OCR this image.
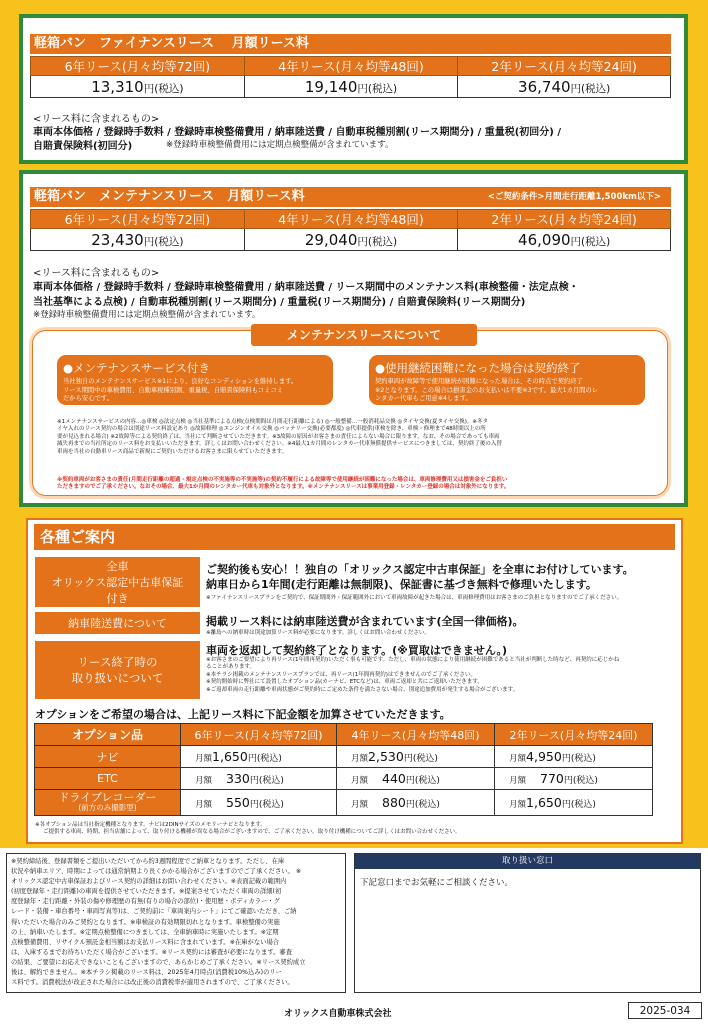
軽箱バン　ファイナンスリース　 月額リース料
6年リース(月々均等72回)	4年リース(月々均等48回)	2年リース(月々均等24回)
13,310円(税込)	19,140円(税込)	36,740円(税込)
<リース料に含まれるもの>
車両本体価格 / 登録時手数料 / 登録時車検整備費用 / 納車陸送費 / 自動車税種別割(リース期間分) / 重量税(初回分) /
自賠責保険料(初回分)	※登録時車検整備費用には定期点検整備が含まれています。
軽箱バン　メンテナンスリース　月額リース料	<ご契約条件>月間走行距離1,500km以下>
6年リース(月々均等72回)	4年リース(月々均等48回)	2年リース(月々均等24回)
23,430円(税込)	29,040円(税込)	46,090円(税込)
<リース料に含まれるもの>
車両本体価格 / 登録時手数料 / 登録時車検整備費用 / 納車陸送費 / リース期間中のメンテナンス料(車検整備・法定点検・
当社基準による点検) / 自動車税種別割(リース期間分) / 重量税(リース期間分) / 自賠責保険料(リース期間分)
※登録時車検整備費用には定期点検整備が含まれています。
メンテナンスリースについて
●メンテナンスサービス付き
当社独自のメンテナンスサービス※1により、良好なコンディションを維持します。
リース期間中の車検費用、自動車税種別割、重量税、自賠責保険料もコミコミ
だから安心です。
●使用継続困難になった場合は契約終了
契約車両が故障等で使用継続が困難になった場合は、その時点で契約終了
※2となります。この場合は損害金のお支払いは不要※3です。最大1カ月間のレ
ンタカー代車もご用意※4します。
※1メンテナンスサービスの内容…◎車検 ◎法定点検 ◎当社基準による点検(点検期間は月間走行距離による) ◎一般整備…一般消耗品交換 ◎タイヤ交換(夏タイヤ交換)。※冬タ
イヤ入れのリース契約の場合は別途リース料設定あり ◎故障修理 ◎エンジンオイル交換 ◎バッテリー交換(必要都度) ◎代車提供(車検を除き、車検・修理まで48時間以上の所
要が見込まれる場合) ※2故障等による契約終了は、当社にて判断させていただきます。※3故障の原因がお客さまの責任によらない場合に限ります。なお、その場合であっても車両
滅失再までの当社所定のリース料をお支払いいただきます。詳しくはお問い合わせください。※4最大1カ月間のレンタカー代車無償提供サービスにつきましては、契約終了後の入替
車両を当社の自動車リース商品で新規にご契約いただけるお客さまに限らせていただきます。
※契約車両がお客さまの責任(月間走行距離の超過・規定点検の不実施等の不実施等)の契約不履行による故障等で使用継続が困難になった場合は、車両修理費用又は損害金をご負担い
ただきますのでご了承ください。なおその場合、最大1か月間のレンタカー代車も対象外となります。※メンテナンスリースは事業用登録・レンタカー登録の場合は対象外になります。
各種ご案内
全車
オリックス認定中古車保証
付き
ご契約後も安心！！独自の「オリックス認定中古車保証」を全車にお付けしています。
納車日から1年間(走行距離は無制限)、保証書に基づき無料で修理いたします。
※ファイナンスリースプランをご契約で、保証期間外・保証範囲外において車両故障が起きた場合は、車両修理費用はお客さまのご負担となりますのでご了承ください。
納車陸送費について	掲載リース料には納車陸送費が含まれています(全国一律価格)。
※離島への納車時は別途加算リース料が必要になります。詳しくはお問い合わせください。
リース終了時の
取り扱いについて
車両を返却して契約終了となります。(※買取はできません。)
※お客さまのご要望により再リース(1年間再契約)いただく事も可能です。ただし、車両の状態により使用継続が困難であると当社が判断した時など、再契約に応じかね
ることがあります。
※本チラシ掲載のメンテナンスリースプランでは、再リース(1年間再契約)はできませんのでご了承ください。
※契約開始時に弊社にて設置したオプション品(カーナビ、ETCなど)は、車両ご返却と共にご返却いただきます。
※ご返却車両の走行距離や車両状態がご契約時にご定めた条件を満たさない場合、別途追加費用が発生する場合がございます。
オプションをご希望の場合は、上記リース料に下記金額を加算させていただきます。
オプション品	6年リース(月々均等72回)	4年リース(月々均等48回)	2年リース(月々均等24回)
ナビ	月額1,650円(税込)	月額2,530円(税込)	月額4,950円(税込)
ETC	月額 330円(税込)	月額 440円(税込)	月額 770円(税込)

ドライブレコーダー
(前方のみ撮影型)	月額 550円(税込)	月額 880円(税込)	月額1,650円(税込)
※各オプション品は当社指定機種となります。ナビは2DINサイズのメモリーナビとなります。
ご提供する車両、時期、担当店舗によって、取り付ける機種が異なる場合がございますので、ご了承ください。取り付け機種についてご詳しくはお問い合わせください。
※契約締結後、登録書類をご提出いただいてから約3週間程度でご納車となります。ただし、在庫
状況や納車エリア、時期によっては通常納期より長くかかる場合がございますのでご了承ください。 ※
オリックス認定中古車保証およびリース契約の詳細はお問い合わせください。※表面記載の範囲内
(初度登録年・走行距離)の車両を提供させていただきます。※提案させていただく車両の詳細(初
度登録年・走行距離・外装の傷や修理歴の有無(有りの場合の部位)・使用歴・ボディカラー・グ
レード・装備・車台番号・車両写真等)は、ご契約前に「車両案内シート」にてご確認いただき、ご納
得いただいた場合のみご契約となります。※車検証の有効期限切れとなります。車検整備の実施
の上、納車いたします。※定期点検整備につきましては、全車納車時に実施いたします。※定期
点検整備費用、リサイクル預託金相当額はお支払リース料に含まれています。※在庫がない場合
は、入庫するまでお待ちいただく場合がございます。※リース契約には審査が必要になります。審査
の結果、ご要望にお応えできないこともございますので、あらかじめご了承ください。※リース契約成立
後は、解約できません。※本チラシ掲載のリース料は、2025年4月時点(消費税10%込み)のリー
ス料です。消費税法が改正された場合には改正後の消費税率が適用されますので、ご了承ください。
取り扱い窓口
下記窓口までお気軽にご相談ください。
オリックス自動車株式会社	2025-034
